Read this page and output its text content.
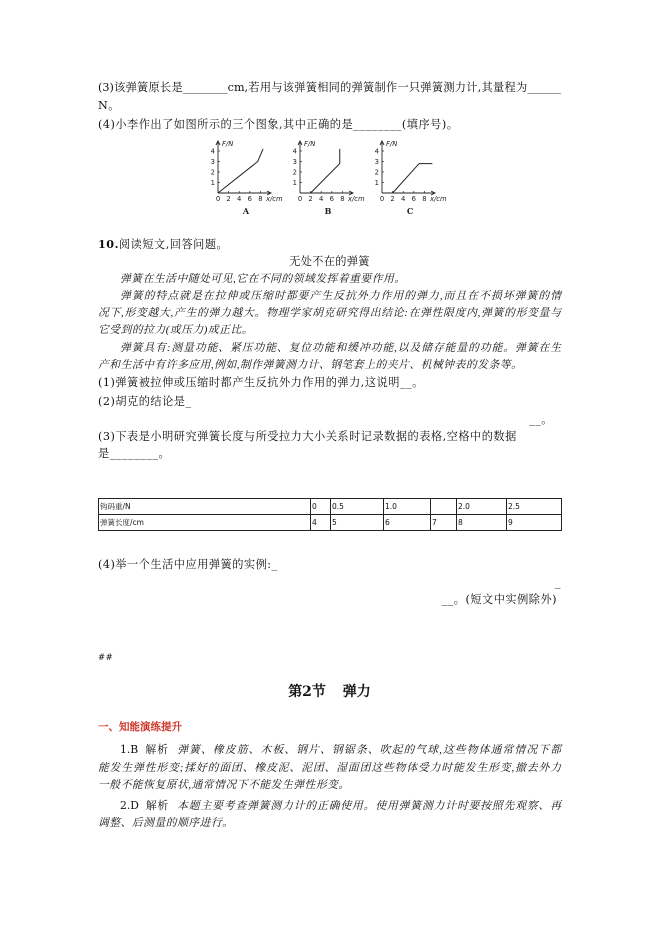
(3)该弹簧原长是________cm,若用与该弹簧相同的弹簧制作一只弹簧测力计,其量程为______
N。
(4)小李作出了如图所示的三个图象,其中正确的是________(填序号)。
1
2
3
4
0 2 4 6 8
F/N
x/cm
A
1
2
3
4
0 2 4 6 8
F/N
x/cm
B
1
2
3
4
0 2 4 6 8
F/N
x/cm
C
10.阅读短文,回答问题。
无处不在的弹簧
弹簧在生活中随处可见,它在不同的领域发挥着重要作用。
弹簧的特点就是在拉伸或压缩时都要产生反抗外力作用的弹力,而且在不损坏弹簧的情
况下,形变越大,产生的弹力越大。物理学家胡克研究得出结论:在弹性限度内,弹簧的形变量与
它受到的拉力(或压力)成正比。
弹簧具有:测量功能、紧压功能、复位功能和缓冲功能,以及储存能量的功能。弹簧在生
产和生活中有许多应用,例如,制作弹簧测力计、钢笔套上的夹片、机械钟表的发条等。
(1)弹簧被拉伸或压缩时都产生反抗外力作用的弹力,这说明__。
(2)胡克的结论是_
__。
(3)下表是小明研究弹簧长度与所受拉力大小关系时记录数据的表格,空格中的数据
是________。
钩码重/N	0	0.5	1.0		2.0	2.5
弹簧长度/cm	4	5	6	7	8	9
(4)举一个生活中应用弹簧的实例:_
_
__。(短文中实例除外)
##
第2节 弹力
一、知能演练提升
1.B 解析 弹簧、橡皮筋、木板、钢片、钢锯条、吹起的气球,这些物体通常情况下都
能发生弹性形变;揉好的面团、橡皮泥、泥团、湿面团这些物体受力时能发生形变,撤去外力
一般不能恢复原状,通常情况下不能发生弹性形变。
2.D 解析 本题主要考查弹簧测力计的正确使用。使用弹簧测力计时要按照先观察、再
调整、后测量的顺序进行。
